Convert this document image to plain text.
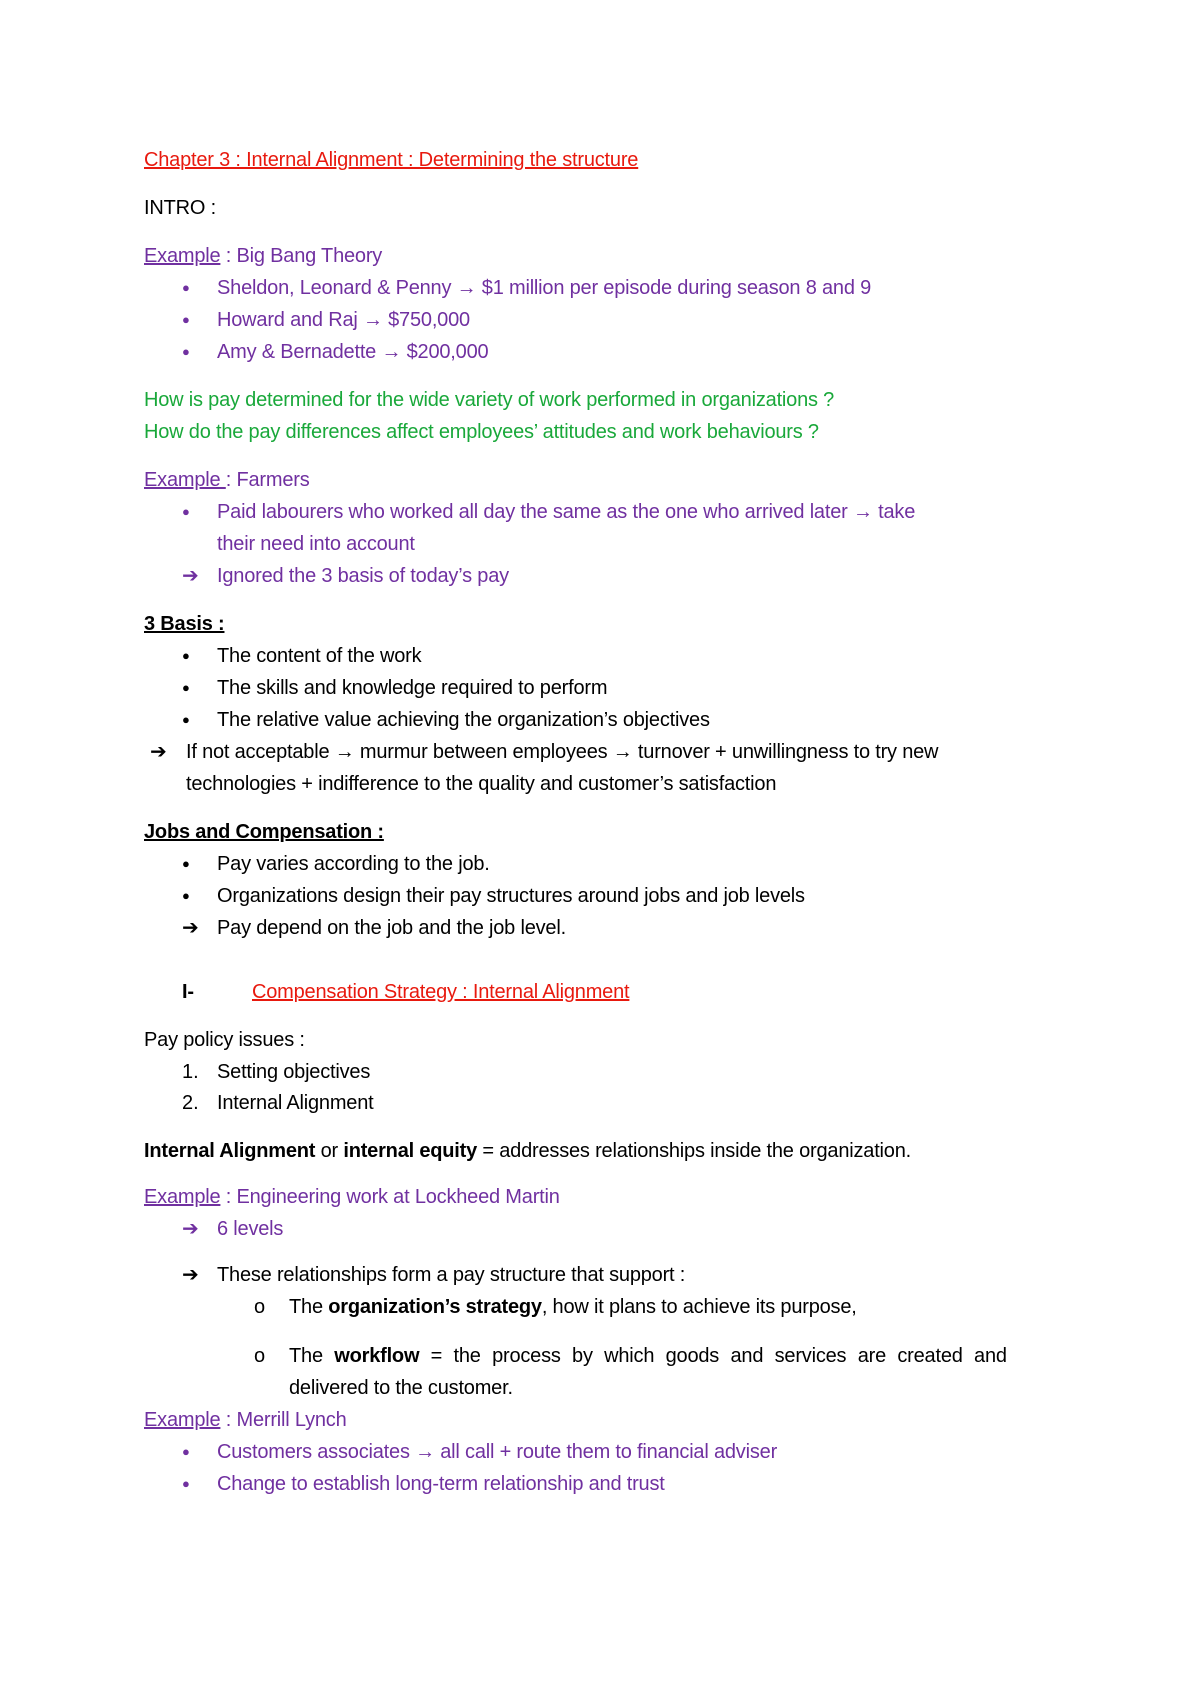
Chapter 3 : Internal Alignment : Determining the structure
INTRO :
Example : Big Bang Theory
●
Sheldon, Leonard & Penny → $1 million per episode during season 8 and 9
●
Howard and Raj → $750,000
●
Amy & Bernadette → $200,000
How is pay determined for the wide variety of work performed in organizations ?
How do the pay differences affect employees’ attitudes and work behaviours ?
Example : Farmers
●
Paid labourers who worked all day the same as the one who arrived later → take
their need into account
➔
Ignored the 3 basis of today’s pay
3 Basis :
●
The content of the work
●
The skills and knowledge required to perform
●
The relative value achieving the organization’s objectives
➔
If not acceptable → murmur between employees → turnover + unwillingness to try new
technologies + indifference to the quality and customer’s satisfaction
Jobs and Compensation :
●
Pay varies according to the job.
●
Organizations design their pay structures around jobs and job levels
➔
Pay depend on the job and the job level.
I-	Compensation Strategy : Internal Alignment
Pay policy issues :
1. Setting objectives
2. Internal Alignment
Internal Alignment or internal equity = addresses relationships inside the organization.
Example : Engineering work at Lockheed Martin
➔
6 levels
➔
These relationships form a pay structure that support :
o
The organization’s strategy, how it plans to achieve its purpose,
o
The workflow = the process by which goods and services are created and
delivered to the customer.
Example : Merrill Lynch
●
Customers associates → all call + route them to financial adviser
●
Change to establish long-term relationship and trust
